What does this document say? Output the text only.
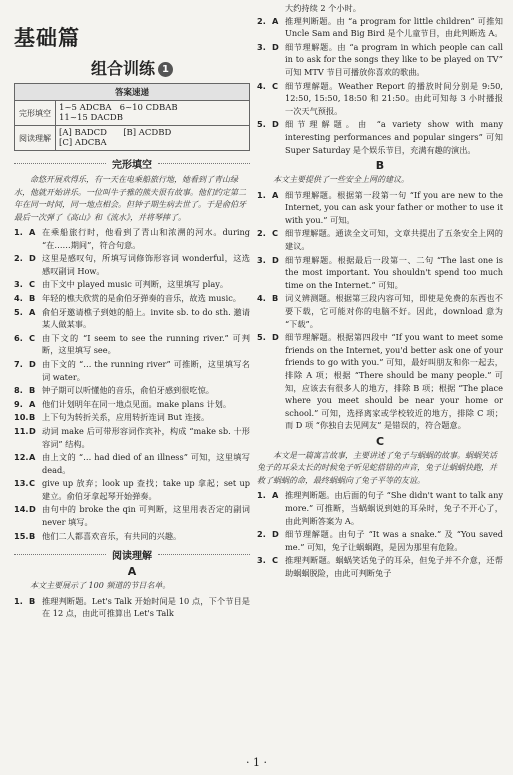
基础篇
组合训练 1
答案速递	
完形填空	1~5 ADCBA   6~10 CDBAB
11~15 DACDB

阅读理解	[A] BADCD      [B] ACDBD
[C] ADCBA
完形填空
命悠开展欢得乐，有一天在电乘船旅行地，她看到了青山绿水，他就开始讲乐。一位叫牛子雅的熊夫很有故事。他们约定第二年在同一时间，同一地点相会。但钟子期生病去世了。于是俞伯牙最后一次弹了《高山》和《流水》，并将琴摔了。
1. A 在乘船旅行时，他看到了青山和浓溯的河水。during “在……期间”，符合句意。
2. D 这里是感叹句，所填写词修饰形容词 wonderful，这选感叹副词 How。
3. C 由下文中 played music 可判断，这里填写 play。
4. B 年轻的樵夫欣赏的是俞伯牙弹奏的音乐，故选 music。
5. A 俞伯牙邀请樵子到她的船上。invite sb. to do sth. 邀请某人做某事。
6. C 由下文的 “I seem to see the running river.” 可判断，这里填写 see。
7. D 由下文的 “… the running river” 可推断，这里填写名词 water。
8. B 钟子期可以听懂他的音乐，俞伯牙感到很吃惊。
9. A 他们计划明年在同一地点见面。make plans 计划。
10. B 上下句为转折关系，应用转折连词 But 连接。
11. D 动词 make 后可带形容词作宾补，构成 “make sb. 十形容词” 结构。
12. A 由上文的 “… had died of an illness” 可知，这里填写 dead。
13. C give up 放弃；look up 查找；take up 拿起；set up 建立。俞伯牙拿起琴开始弹奏。
14. D 由句中的 broke the qin 可判断，这里用表否定的副词 never 填写。
15. B 他们二人都喜欢音乐，有共同的兴趣。
阅读理解
A
本文主要展示了 100 频道的节目名单。
1. B 推理判断题。Let's Talk 开始时间是 10 点，下个节目是在 12 点，由此可推算出 Let's Talk
大约持续 2 个小时。
2. A 推理判断题。由 “a program for little children” 可推知 Uncle Sam and Big Bird 是个儿童节目，由此判断选 A。
3. D 细节理解题。由 “a program in which people can call in to ask for the songs they like to be played on TV” 可知 MTV 节目可播放你喜欢的歌曲。
4. C 细节理解题。Weather Report 的播放时间分别是 9:50, 12:50, 15:50, 18:50 和 21:50。由此可知每 3 小时播报一次天气预报。
5. D 细节理解题。由 “a variety show with many interesting performances and popular singers” 可知 Super Saturday 是个娱乐节目，充满有趣的演出。
B
本文主要提供了一些安全上网的建议。
1. A 细节理解题。根据第一段第一句 “If you are new to the Internet, you can ask your father or mother to use it with you.” 可知。
2. C 细节理解题。通读全文可知，文章共提出了五条安全上网的建议。
3. D 细节理解题。根据最后一段第一、二句 “The last one is the most important. You shouldn't spend too much time on the Internet.” 可知。
4. B 词义辨测题。根据第三段内容可知，即使是免费的东西也不要下载，它可能对你的电脑不好。因此，download 意为 “下载”。
5. D 细节理解题。根据第四段中 “If you want to meet some friends on the Internet, you'd better ask one of your friends to go with you.” 可知，最好叫朋友和你一起去，排除 A 项；根据 “There should be many people.” 可知，应该去有很多人的地方，排除 B 项；根据 “The place where you meet should be near your home or school.” 可知，选择离家或学校较近的地方，排除 C 项；而 D 项 “你独自去见网友” 是错误的，符合题意。
C
本文是一篇寓言故事，主要讲述了兔子与蜗蜗的故事。蜗蜗笑话兔子的耳朵太长的时候兔子听见蛇搭错的声音，兔子让蜗蜗快跑，并救了蜗蜗的命，最终蜗蜗向了兔子平等的友谊。
1. A 推理判断题。由后面的句子 “She didn't want to talk any more.” 可推断，当蜗蜗说到她的耳朵时，兔子不开心了，由此判断答案为 A。
2. D 细节理解题。由句子 “It was a snake.” 及 “You saved me.” 可知，兔子让蜗蜗跑，是因为那里有危险。
3. C 推理判断题。蜗蜗笑话兔子的耳朵，但兔子并不介意，还帮助蜗蜗脱险，由此可判断兔子
· 1 ·
